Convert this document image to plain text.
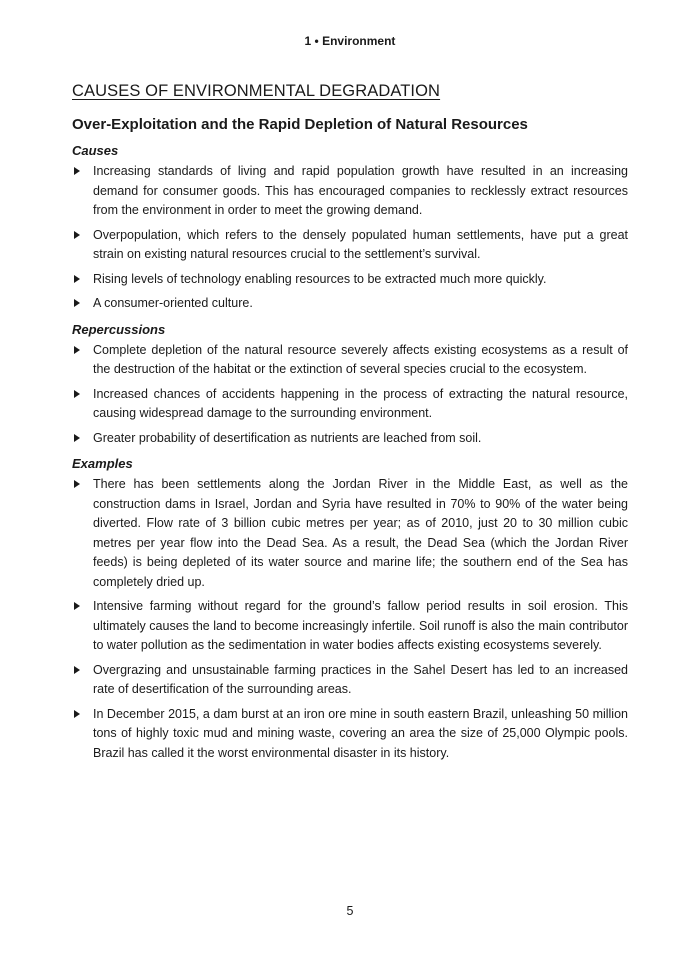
1 • Environment
CAUSES OF ENVIRONMENTAL DEGRADATION
Over-Exploitation and the Rapid Depletion of Natural Resources
Causes
Increasing standards of living and rapid population growth have resulted in an increasing demand for consumer goods. This has encouraged companies to recklessly extract resources from the environment in order to meet the growing demand.
Overpopulation, which refers to the densely populated human settlements, have put a great strain on existing natural resources crucial to the settlement’s survival.
Rising levels of technology enabling resources to be extracted much more quickly.
A consumer-oriented culture.
Repercussions
Complete depletion of the natural resource severely affects existing ecosystems as a result of the destruction of the habitat or the extinction of several species crucial to the ecosystem.
Increased chances of accidents happening in the process of extracting the natural resource, causing widespread damage to the surrounding environment.
Greater probability of desertification as nutrients are leached from soil.
Examples
There has been settlements along the Jordan River in the Middle East, as well as the construction dams in Israel, Jordan and Syria have resulted in 70% to 90% of the water being diverted. Flow rate of 3 billion cubic metres per year; as of 2010, just 20 to 30 million cubic metres per year flow into the Dead Sea. As a result, the Dead Sea (which the Jordan River feeds) is being depleted of its water source and marine life; the southern end of the Sea has completely dried up.
Intensive farming without regard for the ground’s fallow period results in soil erosion. This ultimately causes the land to become increasingly infertile. Soil runoff is also the main contributor to water pollution as the sedimentation in water bodies affects existing ecosystems severely.
Overgrazing and unsustainable farming practices in the Sahel Desert has led to an increased rate of desertification of the surrounding areas.
In December 2015, a dam burst at an iron ore mine in south eastern Brazil, unleashing 50 million tons of highly toxic mud and mining waste, covering an area the size of 25,000 Olympic pools. Brazil has called it the worst environmental disaster in its history.
5
